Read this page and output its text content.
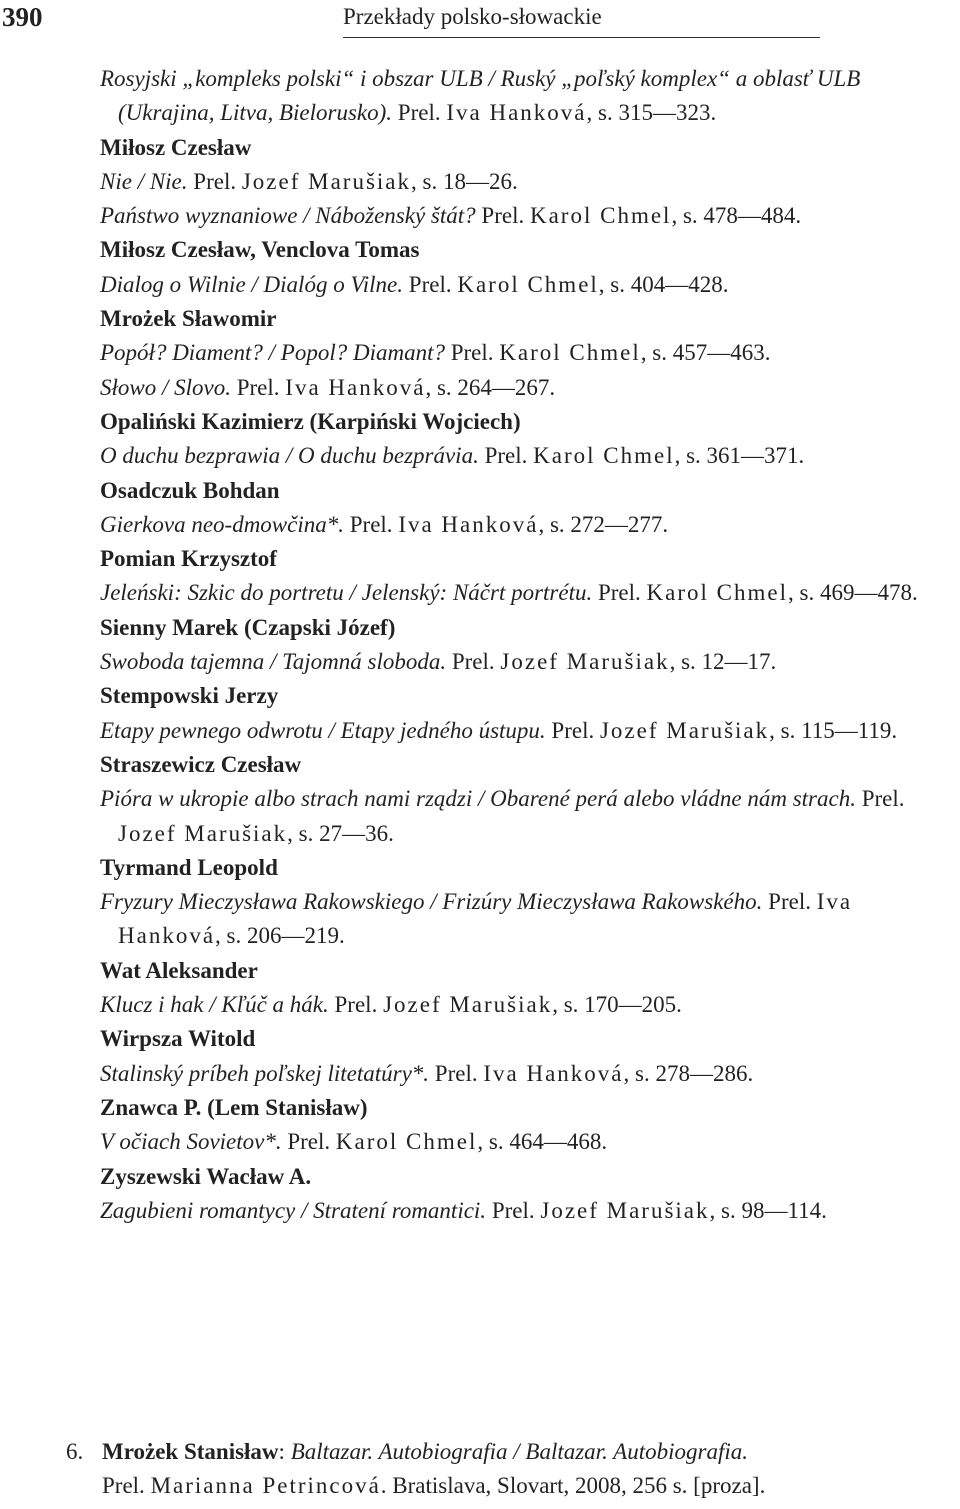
390	Przekłady polsko-słowackie
Rosyjski „kompleks polski“ i obszar ULB / Ruský „poľský komplex“ a oblasť ULB (Ukrajina, Litva, Bielorusko). Prel. Iva Hanková, s. 315—323.
Miłosz Czesław
Nie / Nie. Prel. Jozef Marušiak, s. 18—26.
Państwo wyznaniowe / Náboženský štát? Prel. Karol Chmel, s. 478—484.
Miłosz Czesław, Venclova Tomas
Dialog o Wilnie / Dialóg o Vilne. Prel. Karol Chmel, s. 404—428.
Mrożek Sławomir
Popół? Diament? / Popol? Diamant? Prel. Karol Chmel, s. 457—463.
Słowo / Slovo. Prel. Iva Hanková, s. 264—267.
Opaliński Kazimierz (Karpiński Wojciech)
O duchu bezprawia / O duchu bezprávia. Prel. Karol Chmel, s. 361—371.
Osadczuk Bohdan
Gierkova neo-dmowčina*. Prel. Iva Hanková, s. 272—277.
Pomian Krzysztof
Jeleński: Szkic do portretu / Jelenský: Náčrt portrétu. Prel. Karol Chmel, s. 469—478.
Sienny Marek (Czapski Józef)
Swoboda tajemna / Tajomná sloboda. Prel. Jozef Marušiak, s. 12—17.
Stempowski Jerzy
Etapy pewnego odwrotu / Etapy jedného ústupu. Prel. Jozef Marušiak, s. 115—119.
Straszewicz Czesław
Pióra w ukropie albo strach nami rządzi / Obarené perá alebo vládne nám strach. Prel. Jozef Marušiak, s. 27—36.
Tyrmand Leopold
Fryzury Mieczysława Rakowskiego / Frizúry Mieczysława Rakowského. Prel. Iva Hanková, s. 206—219.
Wat Aleksander
Klucz i hak / Kľúč a hák. Prel. Jozef Marušiak, s. 170—205.
Wirpsza Witold
Stalinský príbeh poľskej litetatúry*. Prel. Iva Hanková, s. 278—286.
Znawca P. (Lem Stanisław)
V očiach Sovietov*. Prel. Karol Chmel, s. 464—468.
Zyszewski Wacław A.
Zagubieni romantycy / Stratení romantici. Prel. Jozef Marušiak, s. 98—114.
6. Mrożek Stanisław: Baltazar. Autobiografia / Baltazar. Autobiografia.
Prel. Marianna Petrincová. Bratislava, Slovart, 2008, 256 s. [proza].
